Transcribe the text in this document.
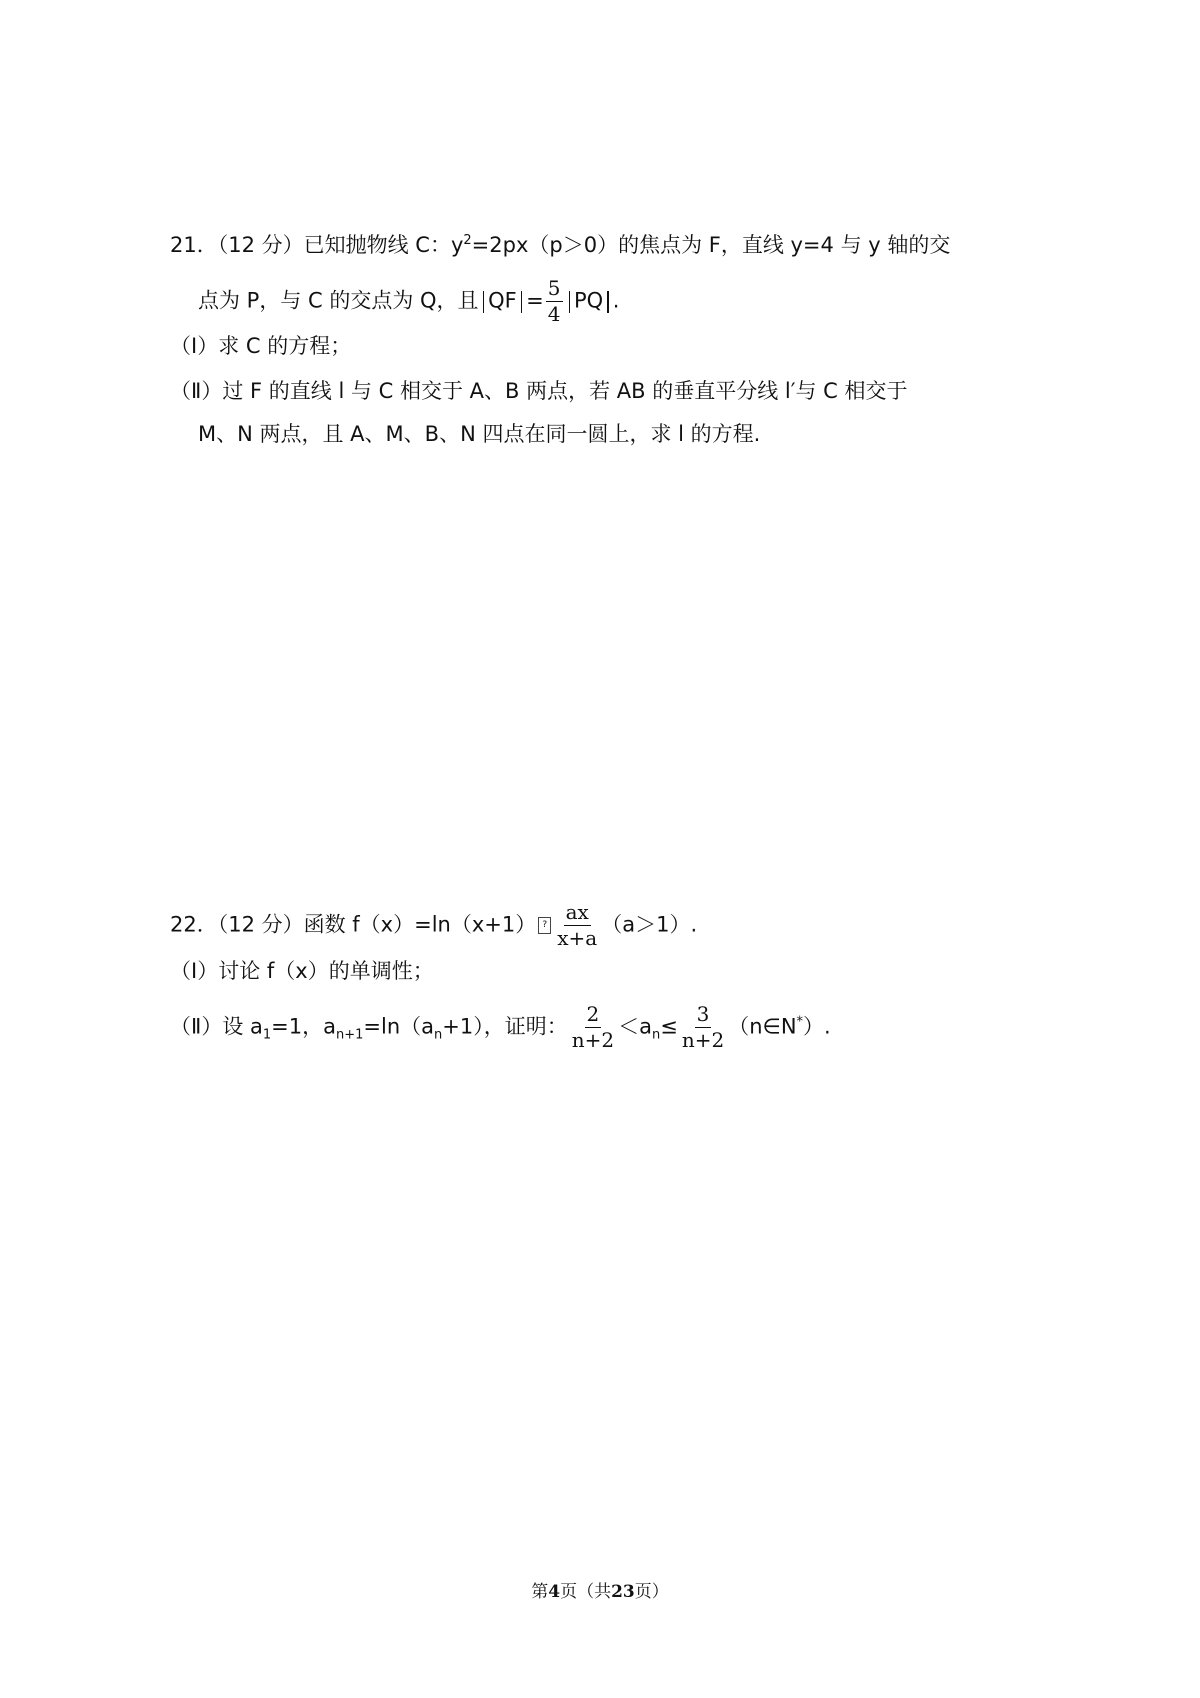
21．（12 分）已知抛物线 C：$y^2=2px(p>0)$的焦点为 F，直线 y=4 与 y 轴的交
点为 P，与 C 的交点为 Q，且 QF = $\frac{5}{4}$ PQ .
（Ⅰ）求 C 的方程；
（Ⅱ）过 F 的直线 l 与 C 相交于 A、B 两点，若 AB 的垂直平分线 l′与 C 相交于
M、N 两点，且 A、M、B、N 四点在同一圆上，求 l 的方程.
22．（12 分）函数 f（x）=ln（x+1） ? $\frac{ax}{x+a} (a>1)$.
（Ⅰ）讨论 f（x）的单调性；
（Ⅱ）设 $a_1=1$，$a_{n+1}=\ln(a_n+1)$，证明： $\frac{2}{n+2} <a_n\le \frac{3}{n+2}$ （n∈N*）.
第4页（共23页）
